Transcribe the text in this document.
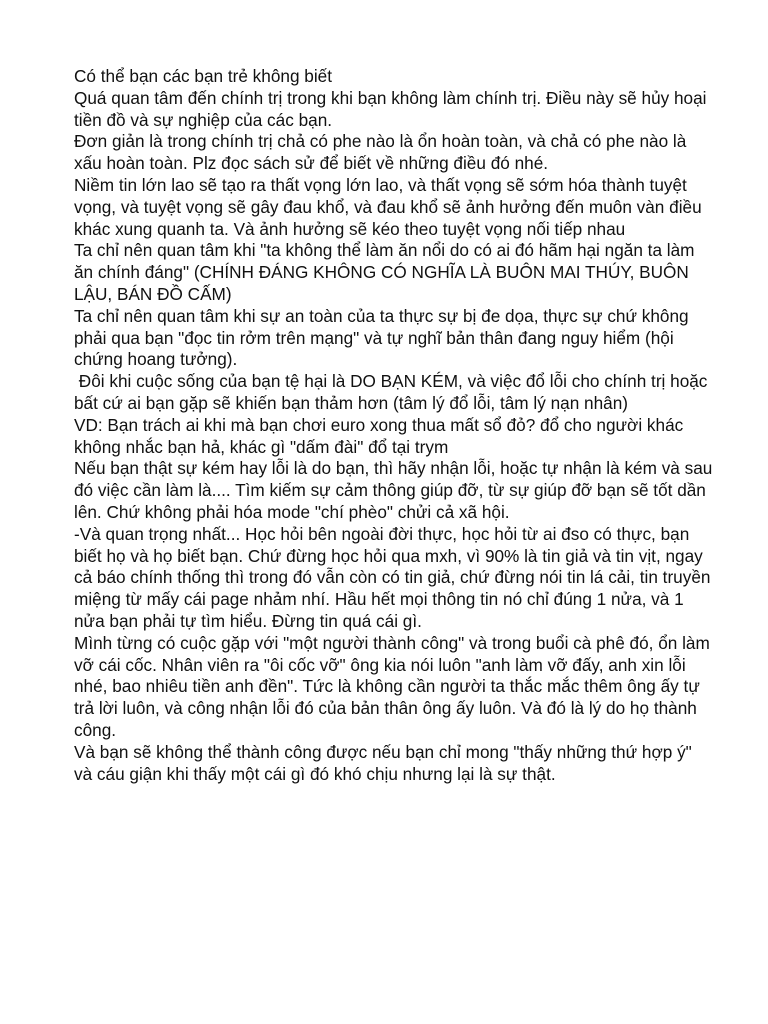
Có thể bạn các bạn trẻ không biết

Quá quan tâm đến chính trị trong khi bạn không làm chính trị. Điều này sẽ hủy hoại tiền đồ và sự nghiệp của các bạn.

Đơn giản là trong chính trị chả có phe nào là ổn hoàn toàn, và chả có phe nào là xấu hoàn toàn. Plz đọc sách sử để biết về những điều đó nhé.

Niềm tin lớn lao sẽ tạo ra thất vọng lớn lao, và thất vọng sẽ sớm hóa thành tuyệt vọng, và tuyệt vọng sẽ gây đau khổ, và đau khổ sẽ ảnh hưởng đến muôn vàn điều khác xung quanh ta. Và ảnh hưởng sẽ kéo theo tuyệt vọng nối tiếp nhau

Ta chỉ nên quan tâm khi "ta không thể làm ăn nổi do có ai đó hãm hại ngăn ta làm ăn chính đáng" (CHÍNH ĐÁNG KHÔNG CÓ NGHĨA LÀ BUÔN MAI THÚY, BUÔN LẬU, BÁN ĐỒ CẤM)

Ta chỉ nên quan tâm khi sự an toàn của ta thực sự bị đe dọa, thực sự chứ không phải qua bạn "đọc tin rởm trên mạng" và tự nghĩ bản thân đang nguy hiểm (hội chứng hoang tưởng).

Đôi khi cuộc sống của bạn tệ hại là DO BẠN KÉM, và việc đổ lỗi cho chính trị hoặc bất cứ ai bạn gặp sẽ khiến bạn thảm hơn (tâm lý đổ lỗi, tâm lý nạn nhân)

VD: Bạn trách ai khi mà bạn chơi euro xong thua mất sổ đỏ? đổ cho người khác không nhắc bạn hả, khác gì "dấm đài" đổ tại trym

Nếu bạn thật sự kém hay lỗi là do bạn, thì hãy nhận lỗi, hoặc tự nhận là kém và sau đó việc cần làm là.... Tìm kiếm sự cảm thông giúp đỡ, từ sự giúp đỡ bạn sẽ tốt dần lên. Chứ không phải hóa mode "chí phèo" chửi cả xã hội.

-Và quan trọng nhất... Học hỏi bên ngoài đời thực, học hỏi từ ai đso có thực, bạn biết họ và họ biết bạn. Chứ đừng học hỏi qua mxh, vì 90% là tin giả và tin vịt, ngay cả báo chính thống thì trong đó vẫn còn có tin giả, chứ đừng nói tin lá cải, tin truyền miệng từ mấy cái page nhảm nhí. Hầu hết mọi thông tin nó chỉ đúng 1 nửa, và 1 nửa bạn phải tự tìm hiểu. Đừng tin quá cái gì.

Mình từng có cuộc gặp với "một người thành công" và trong buổi cà phê đó, ổn làm vỡ cái cốc. Nhân viên ra "ôi cốc vỡ" ông kia nói luôn "anh làm vỡ đấy, anh xin lỗi nhé, bao nhiêu tiền anh đền". Tức là không cần người ta thắc mắc thêm ông ấy tự trả lời luôn, và công nhận lỗi đó của bản thân ông ấy luôn. Và đó là lý do họ thành công.

Và bạn sẽ không thể thành công được nếu bạn chỉ mong "thấy những thứ hợp ý" và cáu giận khi thấy một cái gì đó khó chịu nhưng lại là sự thật.
